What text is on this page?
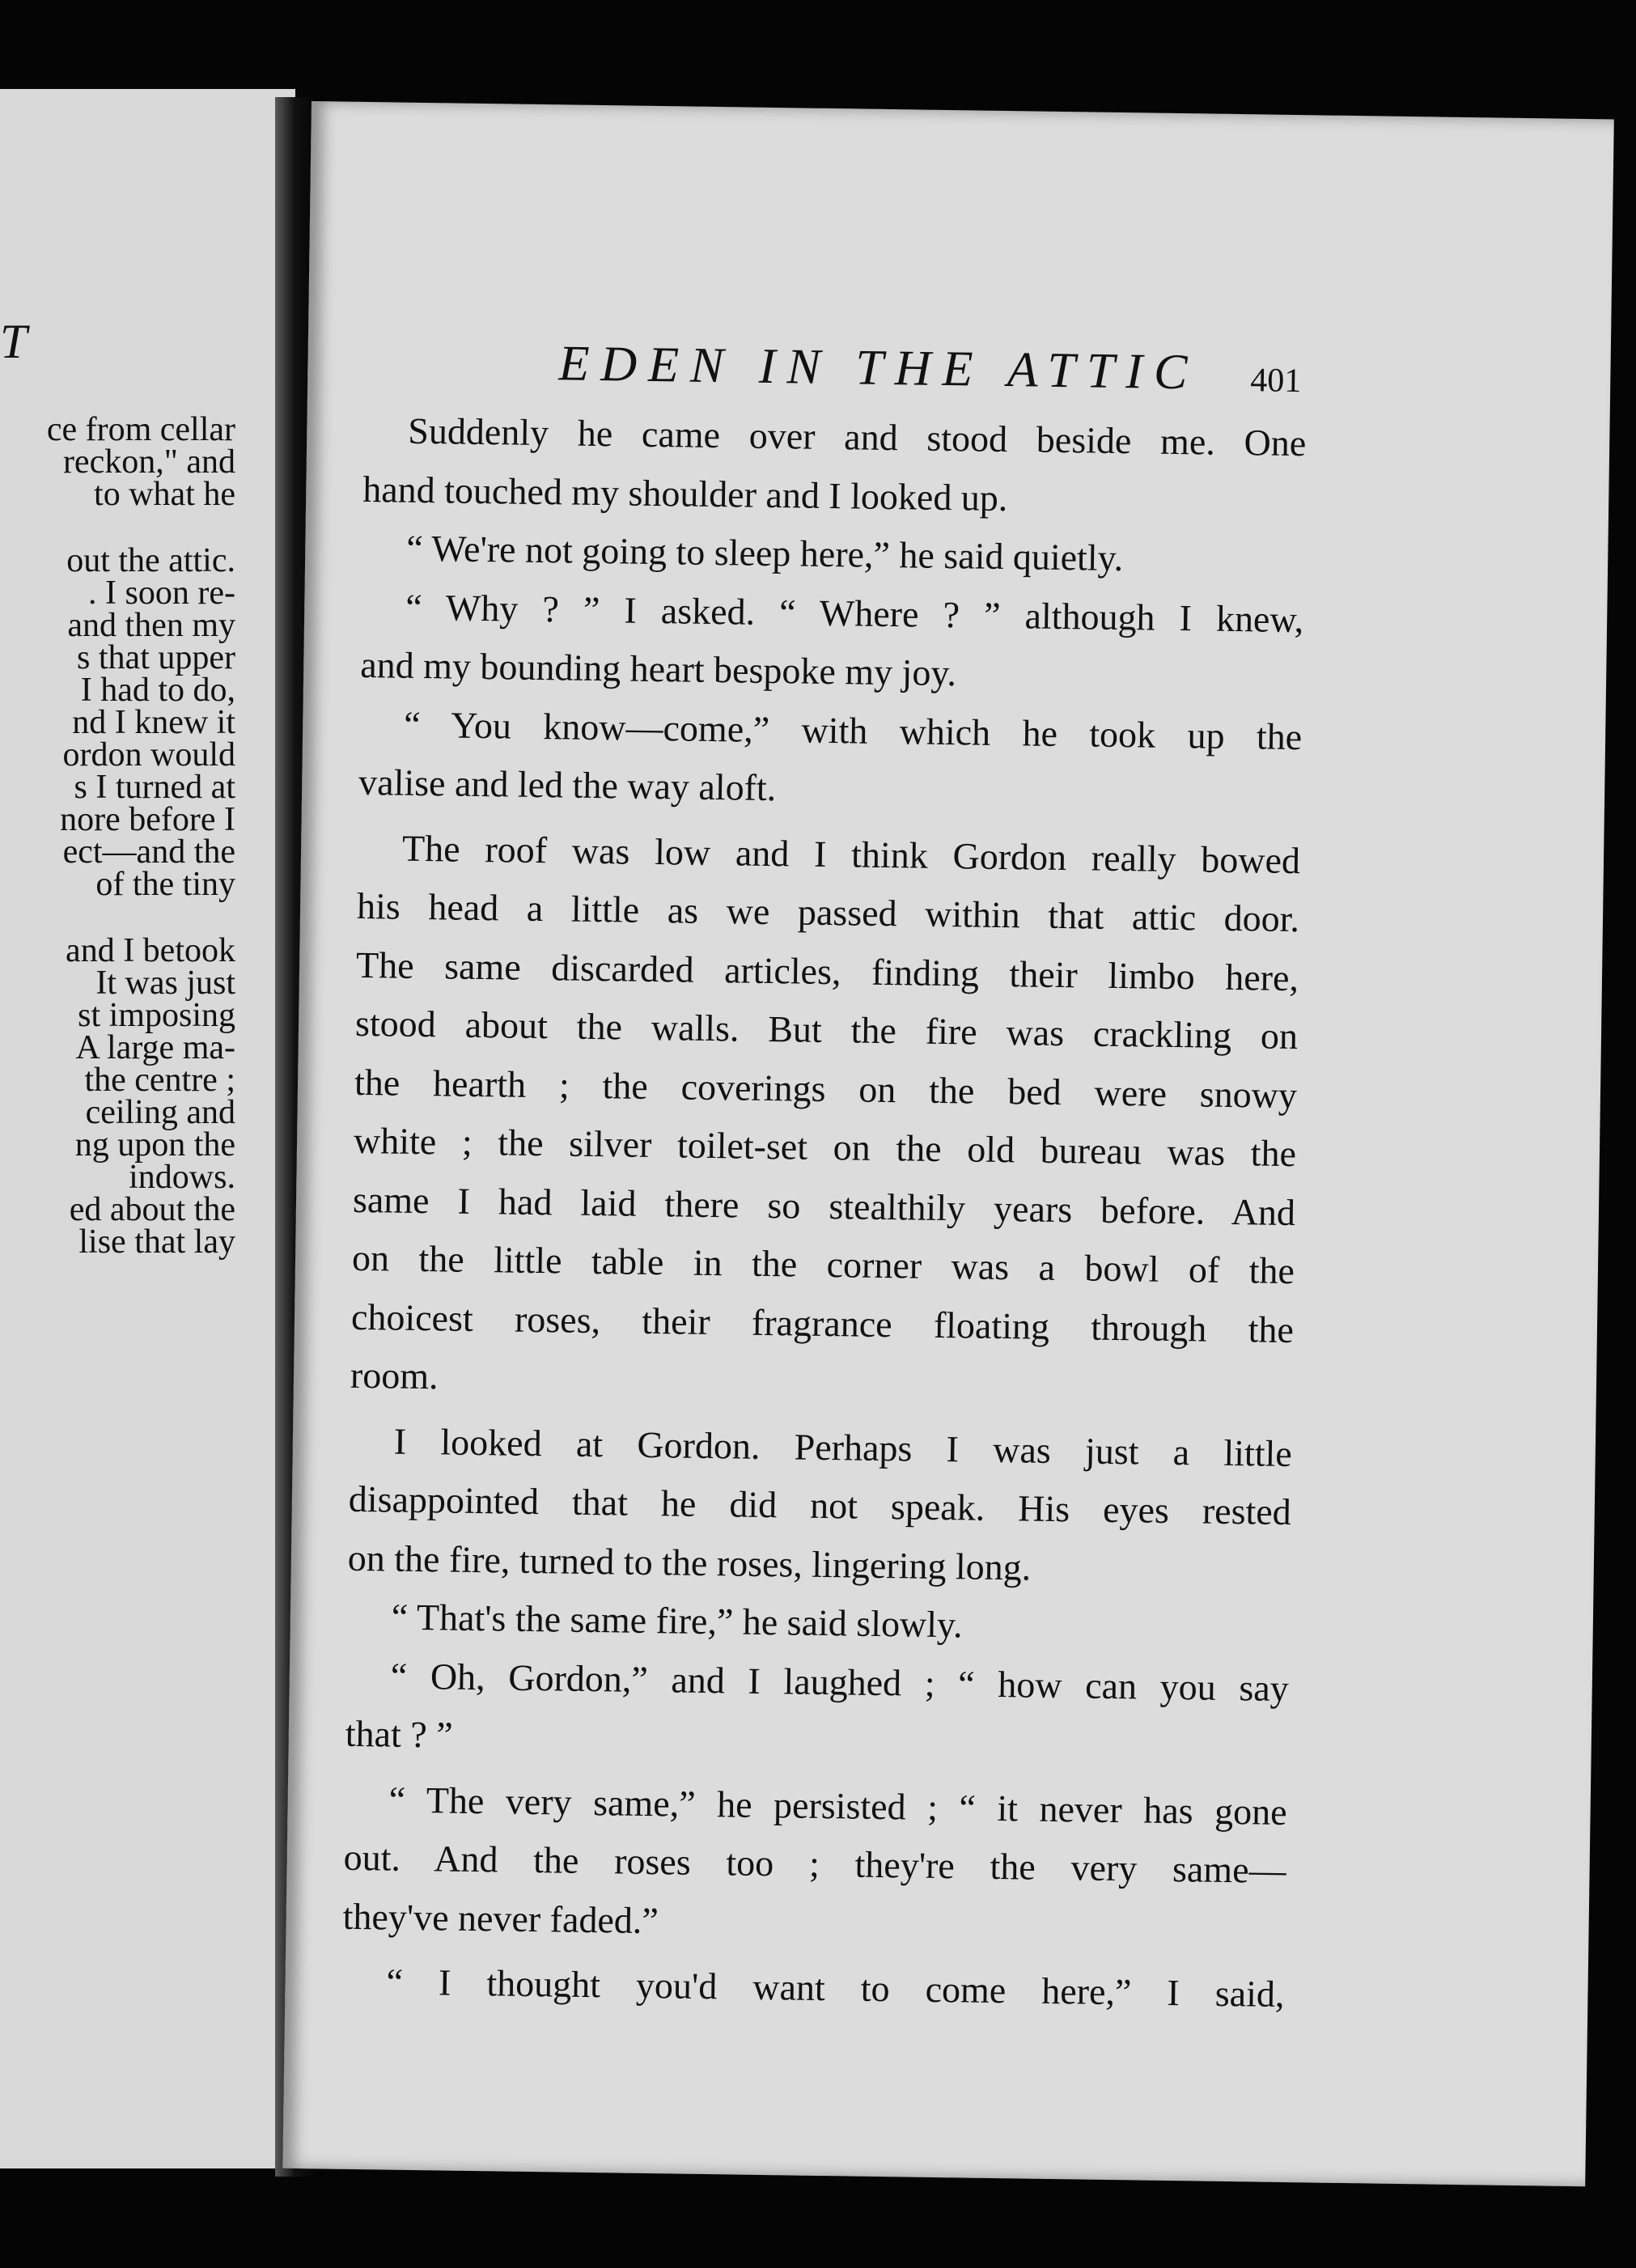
T
ce from cellar
reckon," and
to what he
out the attic.
. I soon re-
and then my
s that upper
I had to do,
nd I knew it
ordon would
s I turned at
nore before I
ect—and the
of the tiny
and I betook
It was just
st imposing
A large ma-
the centre ;
ceiling and
ng upon the
indows.
ed about the
lise that lay
EDEN IN THE ATTIC 401
Suddenly he came over and stood beside me. One
hand touched my shoulder and I looked up.
“ We're not going to sleep here,” he said quietly.
“ Why ? ” I asked. “ Where ? ” although I knew,
and my bounding heart bespoke my joy.
“ You know—come,” with which he took up the
valise and led the way aloft.
The roof was low and I think Gordon really bowed
his head a little as we passed within that attic door.
The same discarded articles, finding their limbo here,
stood about the walls. But the fire was crackling on
the hearth ; the coverings on the bed were snowy
white ; the silver toilet-set on the old bureau was the
same I had laid there so stealthily years before. And
on the little table in the corner was a bowl of the
choicest roses, their fragrance floating through the
room.
I looked at Gordon. Perhaps I was just a little
disappointed that he did not speak. His eyes rested
on the fire, turned to the roses, lingering long.
“ That's the same fire,” he said slowly.
“ Oh, Gordon,” and I laughed ; “ how can you say
that ? ”
“ The very same,” he persisted ; “ it never has gone
out. And the roses too ; they're the very same—
they've never faded.”
“ I thought you'd want to come here,” I said,
